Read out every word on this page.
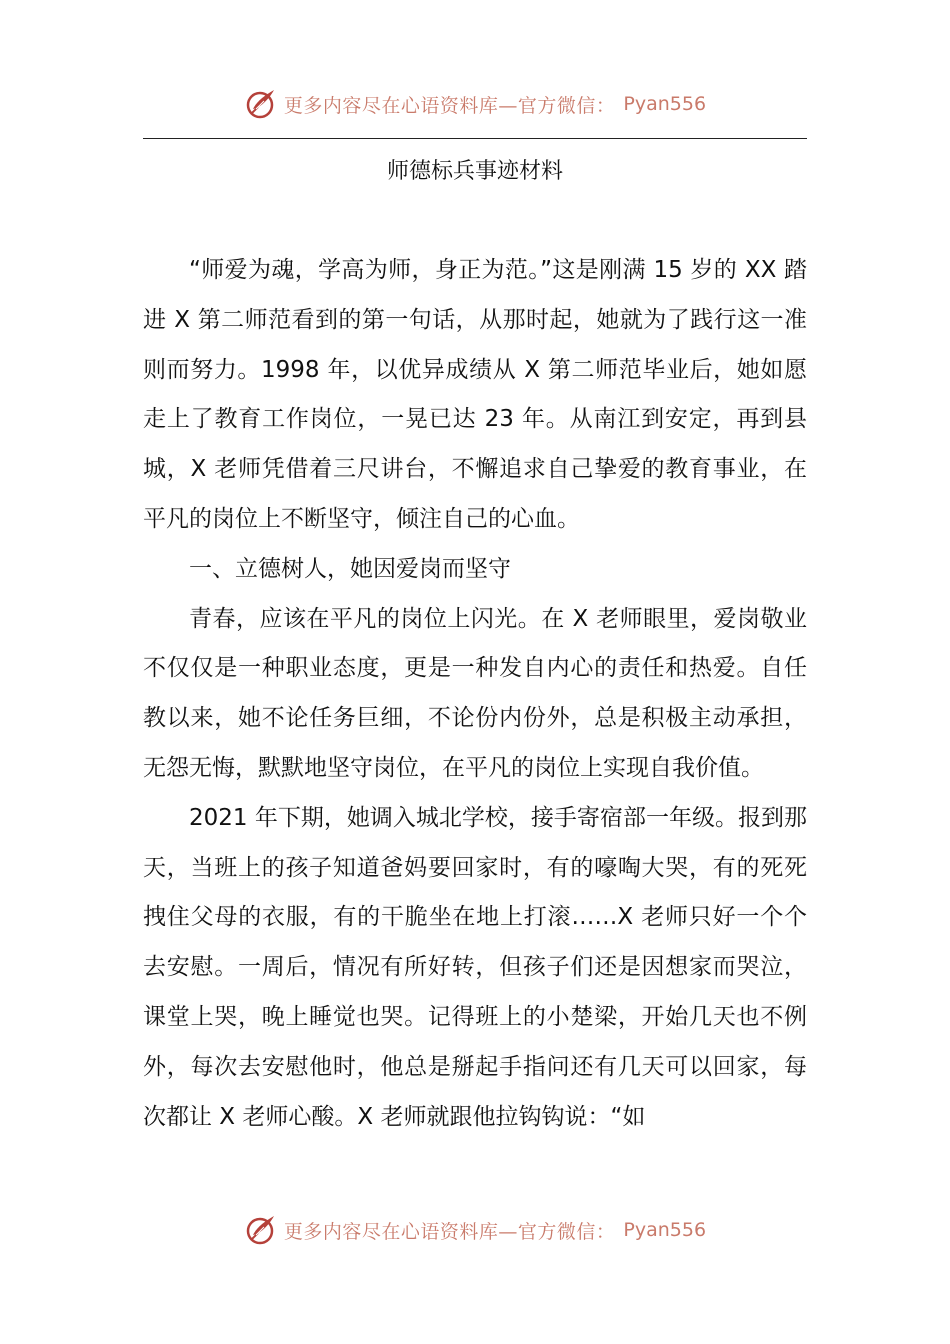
更多内容尽在心语资料库—官方微信： Pyan556
师德标兵事迹材料

“师爱为魂，学高为师，身正为范。”这是刚满 15 岁的 XX 踏进 X 第二师范看到的第一句话，从那时起，她就为了践行这一准则而努力。1998 年，以优异成绩从 X 第二师范毕业后，她如愿走上了教育工作岗位，一晃已达 23 年。从南江到安定，再到县城，X 老师凭借着三尺讲台，不懈追求自己挚爱的教育事业，在平凡的岗位上不断坚守，倾注自己的心血。

一、立德树人，她因爱岗而坚守

青春，应该在平凡的岗位上闪光。在 X 老师眼里，爱岗敬业不仅仅是一种职业态度，更是一种发自内心的责任和热爱。自任教以来，她不论任务巨细，不论份内份外，总是积极主动承担，无怨无悔，默默地坚守岗位，在平凡的岗位上实现自我价值。

2021 年下期，她调入城北学校，接手寄宿部一年级。报到那天，当班上的孩子知道爸妈要回家时，有的嚎啕大哭，有的死死拽住父母的衣服，有的干脆坐在地上打滚……X 老师只好一个个去安慰。一周后，情况有所好转，但孩子们还是因想家而哭泣，课堂上哭，晚上睡觉也哭。记得班上的小楚梁，开始几天也不例外，每次去安慰他时，他总是掰起手指问还有几天可以回家，每次都让 X 老师心酸。X 老师就跟他拉钩钩说：“如

更多内容尽在心语资料库—官方微信： Pyan556
